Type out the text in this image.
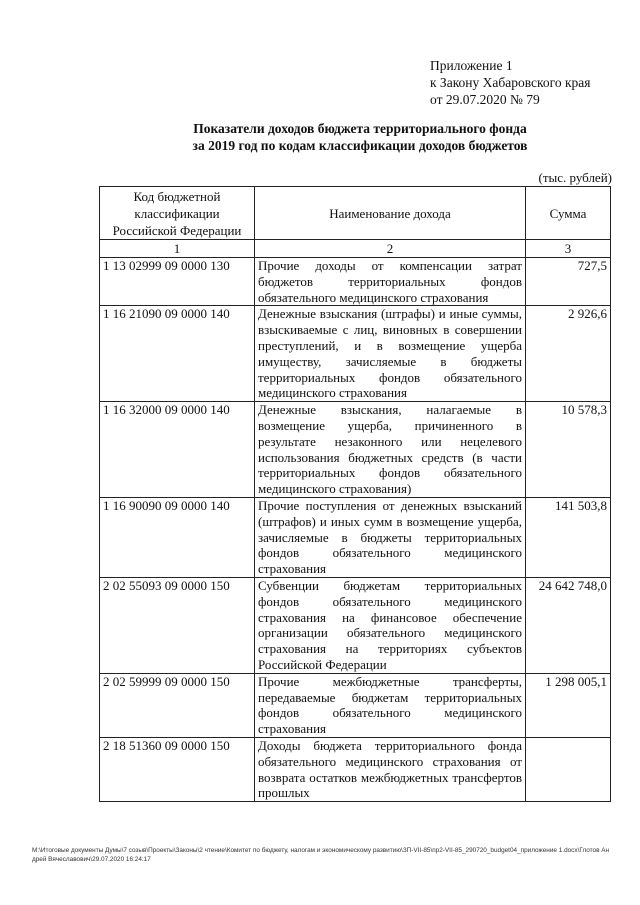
Приложение 1
к Закону Хабаровского края
от 29.07.2020 № 79
Показатели доходов бюджета территориального фонда
за 2019 год по кодам классификации доходов бюджетов
(тыс. рублей)
Код бюджетной классификации Российской Федерации	Наименование дохода	Сумма
1	2	3
1 13 02999 09 0000 130	Прочие доходы от компенсации затрат бюджетов территориальных фондов обязательного медицинского страхования	727,5
1 16 21090 09 0000 140	Денежные взыскания (штрафы) и иные суммы, взыскиваемые с лиц, виновных в совершении преступлений, и в возмещение ущерба имуществу, зачисляемые в бюджеты территориальных фондов обязательного медицинского страхования	2 926,6
1 16 32000 09 0000 140	Денежные взыскания, налагаемые в возмещение ущерба, причиненного в результате незаконного или нецелевого использования бюджетных средств (в части территориальных фондов обязательного медицинского страхования)	10 578,3
1 16 90090 09 0000 140	Прочие поступления от денежных взысканий (штрафов) и иных сумм в возмещение ущерба, зачисляемые в бюджеты территориальных фондов обязательного медицинского страхования	141 503,8
2 02 55093 09 0000 150	Субвенции бюджетам территориальных фондов обязательного медицинского страхования на финансовое обеспечение организации обязательного медицинского страхования на территориях субъектов Российской Федерации	24 642 748,0
2 02 59999 09 0000 150	Прочие межбюджетные трансферты, передаваемые бюджетам территориальных фондов обязательного медицинского страхования	1 298 005,1
2 18 51360 09 0000 150	Доходы бюджета территориального фонда обязательного медицинского страхования от возврата остатков межбюджетных трансфертов прошлых	
М:\Итоговые документы Думы\7 созыв\Проекты\Законы\2 чтение\Комитет по бюджету, налогам и экономическому развитию\ЗП-VII-85\пр2-VII-85_290720_budget04_приложение 1.docx\Глотов Андрей Вячеславович\29.07.2020 16:24:17
